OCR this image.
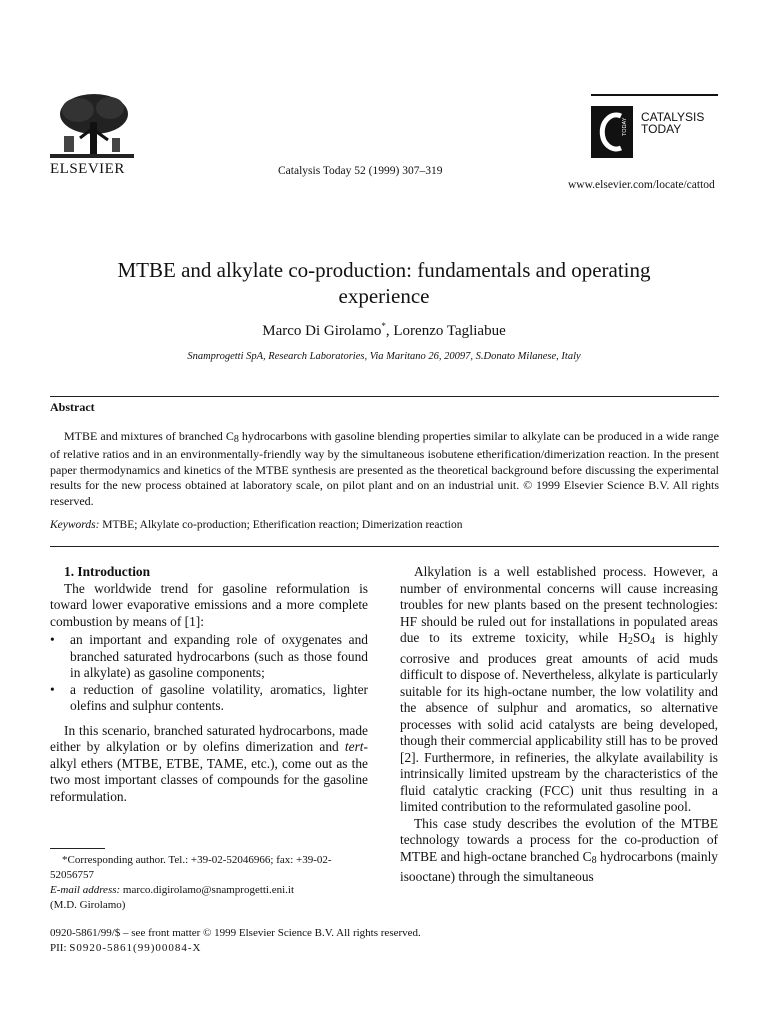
ELSEVIER	Catalysis Today 52 (1999) 307–319
TODAY
CATALYSIS
TODAY
www.elsevier.com/locate/cattod
MTBE and alkylate co-production: fundamentals and operating
experience
Marco Di Girolamo*, Lorenzo Tagliabue
Snamprogetti SpA, Research Laboratories, Via Maritano 26, 20097, S.Donato Milanese, Italy
Abstract
MTBE and mixtures of branched $C_8$ hydrocarbons with gasoline blending properties similar to alkylate can be produced in a wide range of relative ratios and in an environmentally-friendly way by the simultaneous isobutene etherification/dimerization reaction. In the present paper thermodynamics and kinetics of the MTBE synthesis are presented as the theoretical background before discussing the experimental results for the new process obtained at laboratory scale, on pilot plant and on an industrial unit. © 1999 Elsevier Science B.V. All rights reserved.
Keywords: MTBE; Alkylate co-production; Etherification reaction; Dimerization reaction

1. Introduction

The worldwide trend for gasoline reformulation is toward lower evaporative emissions and a more complete combustion by means of [1]:

• an important and expanding role of oxygenates and branched saturated hydrocarbons (such as those found in alkylate) as gasoline components;
• a reduction of gasoline volatility, aromatics, lighter olefins and sulphur contents.

In this scenario, branched saturated hydrocarbons, made either by alkylation or by olefins dimerization and tert-alkyl ethers (MTBE, ETBE, TAME, etc.), come out as the two most important classes of compounds for the gasoline reformulation.

Alkylation is a well established process. However, a number of environmental concerns will cause increasing troubles for new plants based on the present technologies: HF should be ruled out for installations in populated areas due to its extreme toxicity, while $H_2SO_4$ is highly corrosive and produces great amounts of acid muds difficult to dispose of. Nevertheless, alkylate is particularly suitable for its high-octane number, the low volatility and the absence of sulphur and aromatics, so alternative processes with solid acid catalysts are being developed, though their commercial applicability still has to be proved [2]. Furthermore, in refineries, the alkylate availability is intrinsically limited upstream by the characteristics of the fluid catalytic cracking (FCC) unit thus resulting in a limited contribution to the reformulated gasoline pool.

This case study describes the evolution of the MTBE technology towards a process for the co-production of MTBE and high-octane branched $C_8$ hydrocarbons (mainly isooctane) through the simultaneous

*Corresponding author. Tel.: +39-02-52046966; fax: +39-02-52056757

E-mail address: marco.digirolamo@snamprogetti.eni.it

(M.D. Girolamo)

0920-5861/99/$ – see front matter © 1999 Elsevier Science B.V. All rights reserved.
PII: S0920-5861(99)00084-X
